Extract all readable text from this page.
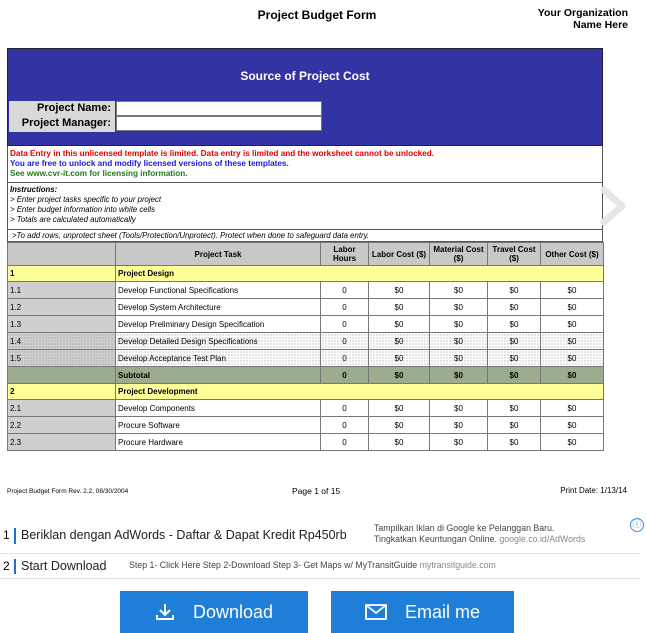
Project Budget Form	Your Organization
Name Here
Source of Project Cost
Project Name:
Project Manager:
Data Entry in this unlicensed template is limited. Data entry is limited and the worksheet cannot be unlocked.
You are free to unlock and modify licensed versions of these templates.
See www.cvr-it.com for licensing information.
Instructions:
> Enter project tasks specific to your project
> Enter budget information into white cells
> Totals are calculated automatically
>To add rows, unprotect sheet (Tools/Protection/Unprotect). Protect when done to safeguard data entry.
	Project Task	Labor Hours	Labor Cost ($)	Material Cost ($)	Travel Cost ($)	Other Cost ($)
1	Project Design					
1.1	Develop Functional Specifications	0	$0	$0	$0	$0
1.2	Develop System Architecture	0	$0	$0	$0	$0
1.3	Develop Preliminary Design Specification	0	$0	$0	$0	$0
1.4	Develop Detailed Design Specifications	0	$0	$0	$0	$0
1.5	Develop Acceptance Test Plan	0	$0	$0	$0	$0
	Subtotal	0	$0	$0	$0	$0
2	Project Development					
2.1	Develop Components	0	$0	$0	$0	$0
2.2	Procure Software	0	$0	$0	$0	$0
2.3	Procure Hardware	0	$0	$0	$0	$0
Project Budget Form Rev. 2.2, 08/30/2004	Page 1 of 15	Print Date: 1/13/14
1 Beriklan dengan AdWords - Daftar & Dapat Kredit Rp450rb	Tampilkan Iklan di Google ke Pelanggan Baru.
Tingkatkan Keuntungan Online. google.co.id/AdWords
ⓘ
2 Start Download	Step 1- Click Here Step 2-Download Step 3- Get Maps w/ MyTransitGuide mytransitguide.com
Download	Email me
